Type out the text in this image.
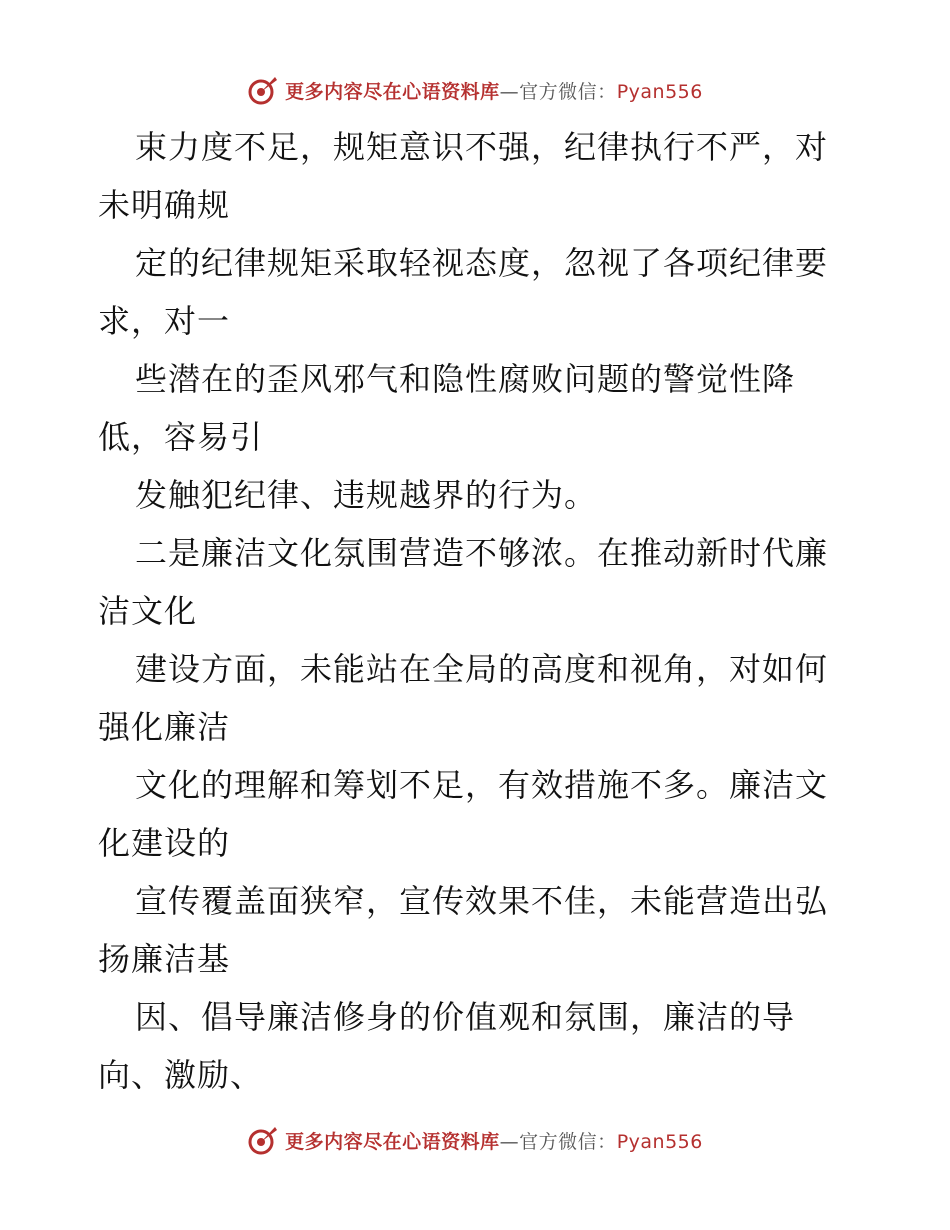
更多内容尽在心语资料库—官方微信：Pyan556
束力度不足，规矩意识不强，纪律执行不严，对
未明确规
定的纪律规矩采取轻视态度，忽视了各项纪律要
求，对一
些潜在的歪风邪气和隐性腐败问题的警觉性降
低，容易引
发触犯纪律、违规越界的行为。
二是廉洁文化氛围营造不够浓。在推动新时代廉
洁文化
建设方面，未能站在全局的高度和视角，对如何
强化廉洁
文化的理解和筹划不足，有效措施不多。廉洁文
化建设的
宣传覆盖面狭窄，宣传效果不佳，未能营造出弘
扬廉洁基
因、倡导廉洁修身的价值观和氛围，廉洁的导
向、激励、
更多内容尽在心语资料库—官方微信：Pyan556
